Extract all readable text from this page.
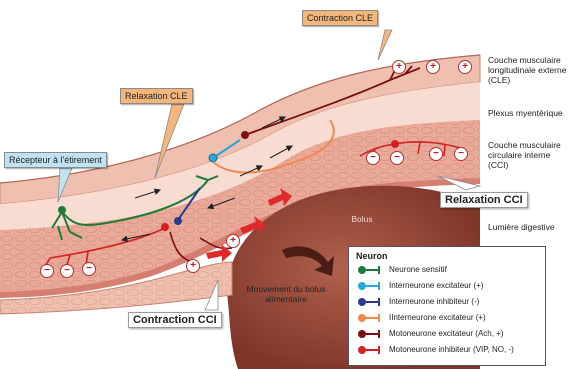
+	+	+
−	−	−	−
−	−	−	+
+
Couche musculaire
longitudinale externe
(CLE)
Plexus myentérique
Couche musculaire
circulaire interne
(CCI)
Lumière digestive
Contraction CLE
Relaxation CLE
Récepteur à l'étirement
Relaxation CCI
Contraction CCI
Bolus
Mouvement du bolus
alimentaire
Neuron
Neurone sensitif
Interneurone excitateur (+)
Interneurone inhibiteur (-)
IInterneurone excitateur (+)
Motoneurone excitateur (Ach, +)
Motoneurone inhibiteur (VIP, NO, -)
